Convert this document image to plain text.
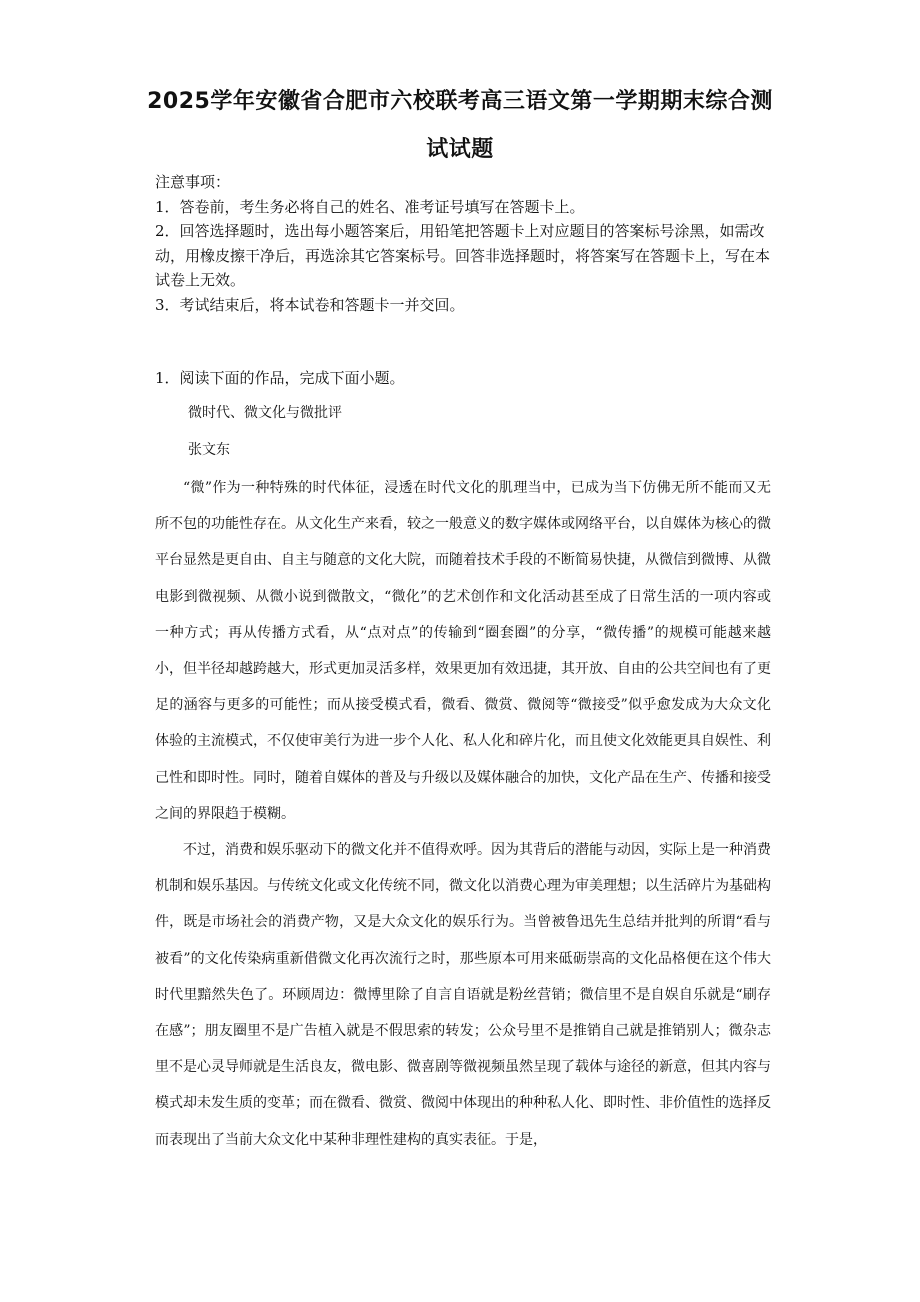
2025学年安徽省合肥市六校联考高三语文第一学期期末综合测
试试题
注意事项：
1．答卷前，考生务必将自己的姓名、准考证号填写在答题卡上。
2．回答选择题时，选出每小题答案后，用铅笔把答题卡上对应题目的答案标号涂黑，如需改动，用橡皮擦干净后，再选涂其它答案标号。回答非选择题时，将答案写在答题卡上，写在本试卷上无效。
3．考试结束后，将本试卷和答题卡一并交回。
1．阅读下面的作品，完成下面小题。
微时代、微文化与微批评
张文东

“微”作为一种特殊的时代体征，浸透在时代文化的肌理当中，已成为当下仿佛无所不能而又无所不包的功能性存在。从文化生产来看，较之一般意义的数字媒体或网络平台，以自媒体为核心的微平台显然是更自由、自主与随意的文化大院，而随着技术手段的不断简易快捷，从微信到微博、从微电影到微视频、从微小说到微散文，“微化”的艺术创作和文化活动甚至成了日常生活的一项内容或一种方式；再从传播方式看，从“点对点”的传输到“圈套圈”的分享，“微传播”的规模可能越来越小，但半径却越跨越大，形式更加灵活多样，效果更加有效迅捷，其开放、自由的公共空间也有了更足的涵容与更多的可能性；而从接受模式看，微看、微赏、微阅等“微接受”似乎愈发成为大众文化体验的主流模式，不仅使审美行为进一步个人化、私人化和碎片化，而且使文化效能更具自娱性、利己性和即时性。同时，随着自媒体的普及与升级以及媒体融合的加快，文化产品在生产、传播和接受之间的界限趋于模糊。

不过，消费和娱乐驱动下的微文化并不值得欢呼。因为其背后的潜能与动因，实际上是一种消费机制和娱乐基因。与传统文化或文化传统不同，微文化以消费心理为审美理想；以生活碎片为基础构件，既是市场社会的消费产物，又是大众文化的娱乐行为。当曾被鲁迅先生总结并批判的所谓“看与被看”的文化传染病重新借微文化再次流行之时，那些原本可用来砥砺崇高的文化品格便在这个伟大时代里黯然失色了。环顾周边：微博里除了自言自语就是粉丝营销；微信里不是自娱自乐就是“刷存在感”；朋友圈里不是广告植入就是不假思索的转发；公众号里不是推销自己就是推销别人；微杂志里不是心灵导师就是生活良友，微电影、微喜剧等微视频虽然呈现了载体与途径的新意，但其内容与模式却未发生质的变革；而在微看、微赏、微阅中体现出的种种私人化、即时性、非价值性的选择反而表现出了当前大众文化中某种非理性建构的真实表征。于是，
